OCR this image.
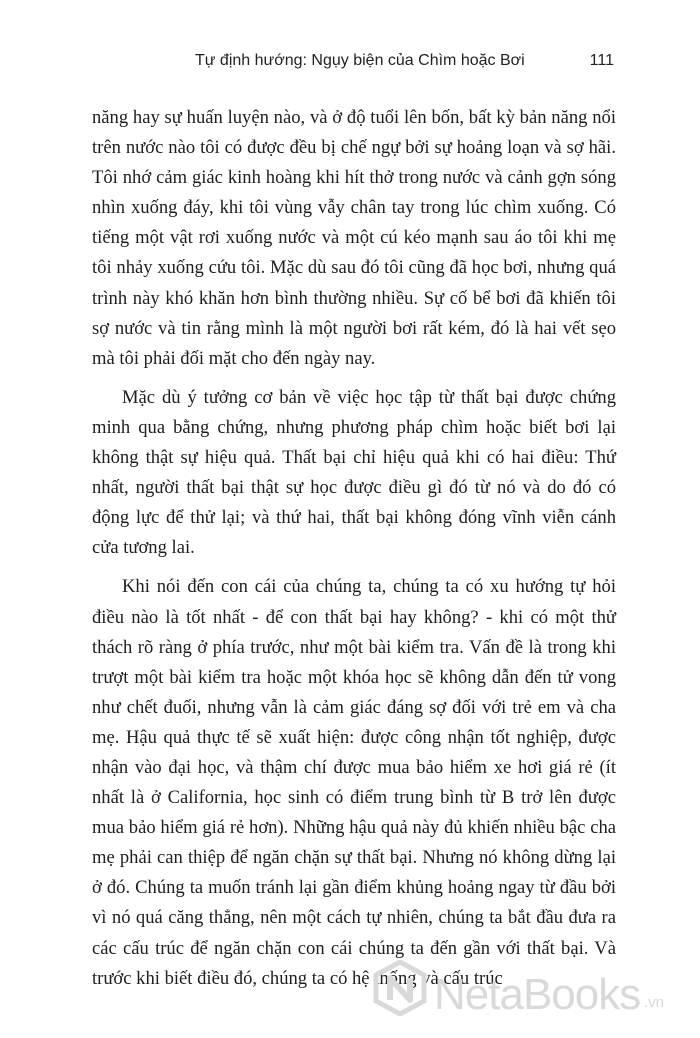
Tự định hướng: Ngụy biện của Chìm hoặc Bơi	111

năng hay sự huấn luyện nào, và ở độ tuổi lên bốn, bất kỳ bản năng nổi trên nước nào tôi có được đều bị chế ngự bởi sự hoảng loạn và sợ hãi. Tôi nhớ cảm giác kinh hoàng khi hít thở trong nước và cảnh gợn sóng nhìn xuống đáy, khi tôi vùng vẫy chân tay trong lúc chìm xuống. Có tiếng một vật rơi xuống nước và một cú kéo mạnh sau áo tôi khi mẹ tôi nhảy xuống cứu tôi. Mặc dù sau đó tôi cũng đã học bơi, nhưng quá trình này khó khăn hơn bình thường nhiều. Sự cố bể bơi đã khiến tôi sợ nước và tin rằng mình là một người bơi rất kém, đó là hai vết sẹo mà tôi phải đối mặt cho đến ngày nay.

Mặc dù ý tưởng cơ bản về việc học tập từ thất bại được chứng minh qua bằng chứng, nhưng phương pháp chìm hoặc biết bơi lại không thật sự hiệu quả. Thất bại chỉ hiệu quả khi có hai điều: Thứ nhất, người thất bại thật sự học được điều gì đó từ nó và do đó có động lực để thử lại; và thứ hai, thất bại không đóng vĩnh viễn cánh cửa tương lai.

Khi nói đến con cái của chúng ta, chúng ta có xu hướng tự hỏi điều nào là tốt nhất - để con thất bại hay không? - khi có một thử thách rõ ràng ở phía trước, như một bài kiểm tra. Vấn đề là trong khi trượt một bài kiểm tra hoặc một khóa học sẽ không dẫn đến tử vong như chết đuối, nhưng vẫn là cảm giác đáng sợ đối với trẻ em và cha mẹ. Hậu quả thực tế sẽ xuất hiện: được công nhận tốt nghiệp, được nhận vào đại học, và thậm chí được mua bảo hiểm xe hơi giá rẻ (ít nhất là ở California, học sinh có điểm trung bình từ B trở lên được mua bảo hiểm giá rẻ hơn). Những hậu quả này đủ khiến nhiều bậc cha mẹ phải can thiệp để ngăn chặn sự thất bại. Nhưng nó không dừng lại ở đó. Chúng ta muốn tránh lại gần điểm khủng hoảng ngay từ đầu bởi vì nó quá căng thẳng, nên một cách tự nhiên, chúng ta bắt đầu đưa ra các cấu trúc để ngăn chặn con cái chúng ta đến gần với thất bại. Và trước khi biết điều đó, chúng ta có hệ thống và cấu trúc

NetaBooks .vn
